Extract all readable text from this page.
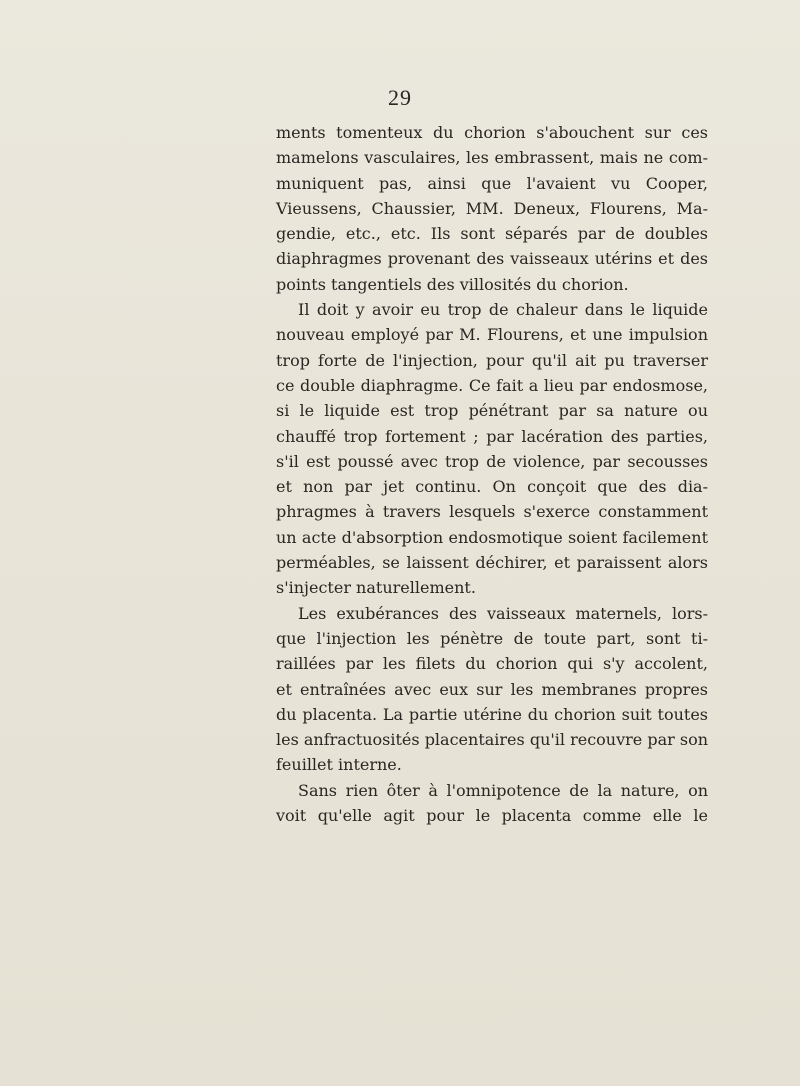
29
ments tomenteux du chorion s'abouchent sur ces
mamelons vasculaires, les embrassent, mais ne com-
muniquent pas, ainsi que l'avaient vu Cooper,
Vieussens, Chaussier, MM. Deneux, Flourens, Ma-
gendie, etc., etc. Ils sont séparés par de doubles
diaphragmes provenant des vaisseaux utérins et des
points tangentiels des villosités du chorion.
Il doit y avoir eu trop de chaleur dans le liquide
nouveau employé par M. Flourens, et une impulsion
trop forte de l'injection, pour qu'il ait pu traverser
ce double diaphragme. Ce fait a lieu par endosmose,
si le liquide est trop pénétrant par sa nature ou
chauffé trop fortement ; par lacération des parties,
s'il est poussé avec trop de violence, par secousses
et non par jet continu. On conçoit que des dia-
phragmes à travers lesquels s'exerce constamment
un acte d'absorption endosmotique soient facilement
perméables, se laissent déchirer, et paraissent alors
s'injecter naturellement.
Les exubérances des vaisseaux maternels, lors-
que l'injection les pénètre de toute part, sont ti-
raillées par les filets du chorion qui s'y accolent,
et entraînées avec eux sur les membranes propres
du placenta. La partie utérine du chorion suit toutes
les anfractuosités placentaires qu'il recouvre par son
feuillet interne.
Sans rien ôter à l'omnipotence de la nature, on
voit qu'elle agit pour le placenta comme elle le
